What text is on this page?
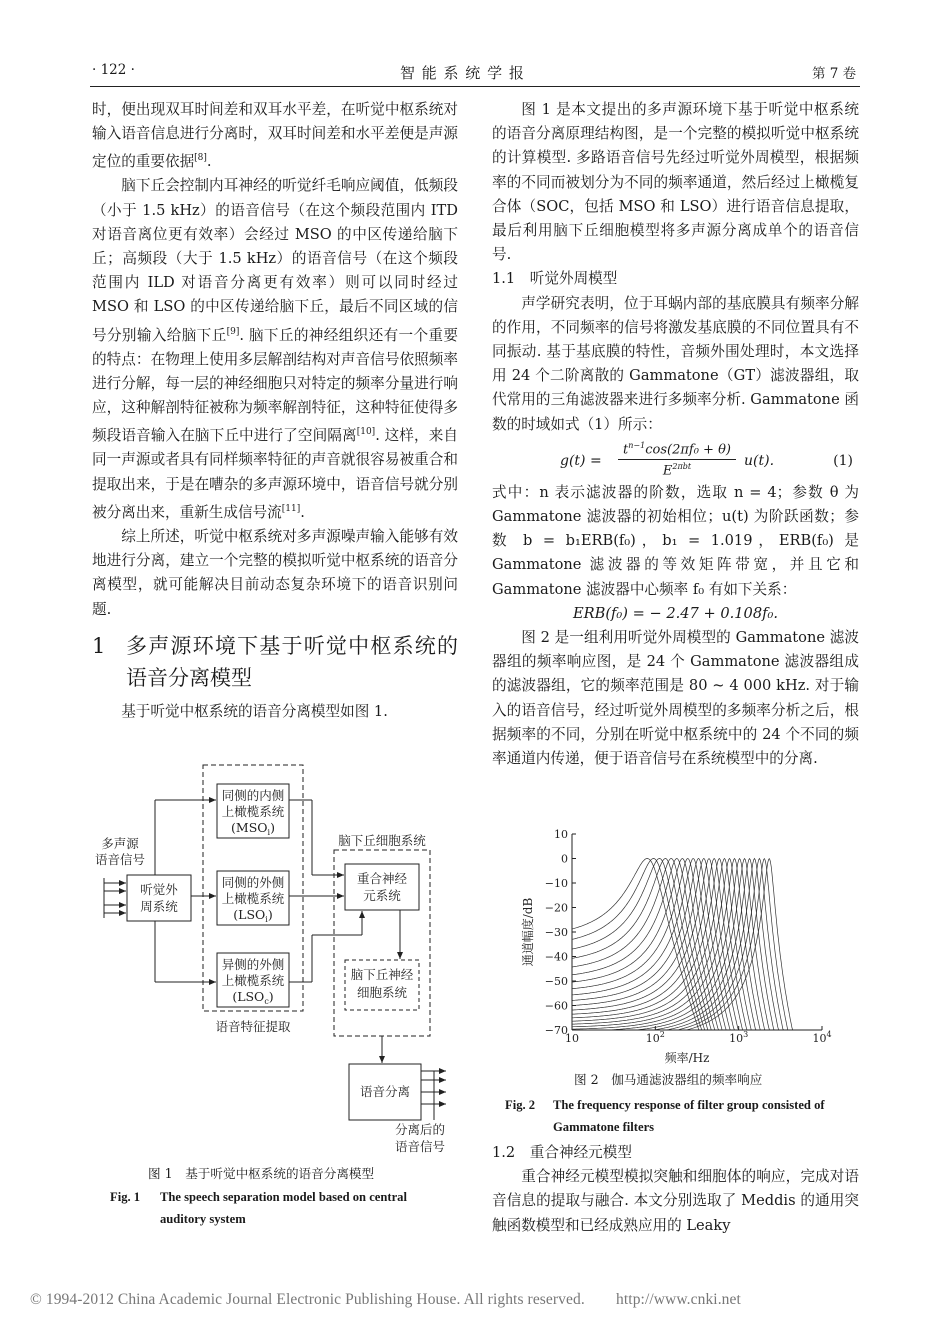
· 122 ·	智 能 系 统 学 报	第 7 卷

时，便出现双耳时间差和双耳水平差，在听觉中枢系统对输入语音信息进行分离时，双耳时间差和水平差便是声源定位的重要依据[8].

脑下丘会控制内耳神经的听觉纤毛响应阈值，低频段（小于 1.5 kHz）的语音信号（在这个频段范围内 ITD 对语音离位更有效率）会经过 MSO 的中区传递给脑下丘；高频段（大于 1.5 kHz）的语音信号（在这个频段范围内 ILD 对语音分离更有效率）则可以同时经过 MSO 和 LSO 的中区传递给脑下丘，最后不同区域的信号分别输入给脑下丘[9]. 脑下丘的神经组织还有一个重要的特点：在物理上使用多层解剖结构对声音信号依照频率进行分解，每一层的神经细胞只对特定的频率分量进行响应，这种解剖特征被称为频率解剖特征，这种特征使得多频段语音输入在脑下丘中进行了空间隔离[10]. 这样，来自同一声源或者具有同样频率特征的声音就很容易被重合和提取出来，于是在嘈杂的多声源环境中，语音信号就分别被分离出来，重新生成信号流[11].

综上所述，听觉中枢系统对多声源噪声输入能够有效地进行分离，建立一个完整的模拟听觉中枢系统的语音分离模型，就可能解决目前动态复杂环境下的语音识别问题.

1 多声源环境下基于听觉中枢系统的语音分离模型

基于听觉中枢系统的语音分离模型如图 1.

听觉外
周系统
多声源
语音信号
同侧的内侧
上橄榄系统
$(MSO_i)$
同侧的外侧
上橄榄系统
$(LSO_i)$
异侧的外侧
上橄榄系统
$(LSO_c)$
脑下丘细胞系统
重合神经
元系统
脑下丘神经
细胞系统
语音特征提取
语音分离
分离后的
语音信号
图 1　基于听觉中枢系统的语音分离模型
Fig. 1	The speech separation model based on central auditory system

图 1 是本文提出的多声源环境下基于听觉中枢系统的语音分离原理结构图，是一个完整的模拟听觉中枢系统的计算模型. 多路语音信号先经过听觉外周模型，根据频率的不同而被划分为不同的频率通道，然后经过上橄榄复合体（SOC，包括 MSO 和 LSO）进行语音信息提取，最后利用脑下丘细胞模型将多声源分离成单个的语音信号.

1.1　听觉外周模型

声学研究表明，位于耳蜗内部的基底膜具有频率分解的作用，不同频率的信号将激发基底膜的不同位置具有不同振动. 基于基底膜的特性，音频外围处理时，本文选择用 24 个二阶离散的 Gammatone（GT）滤波器组，取代常用的三角滤波器来进行多频率分析. Gammatone 函数的时域如式（1）所示：

g(t) =
$t^{n-1}\cos(2\pi f_0 + \theta)$
$E^{2\pi bt}$	u(t).	(1)

式中：n 表示滤波器的阶数，选取 n = 4；参数 θ 为 Gammatone 滤波器的初始相位；u(t) 为阶跃函数；参数 b = b₁ERB(f₀)，b₁ = 1.019，ERB(f₀) 是 Gammatone 滤波器的等效矩阵带宽，并且它和 Gammatone 滤波器中心频率 f₀ 有如下关系：

ERB(f₀) = − 2.47 + 0.108f₀.

图 2 是一组利用听觉外周模型的 Gammatone 滤波器组的频率响应图，是 24 个 Gammatone 滤波器组成的滤波器组，它的频率范围是 80 ~ 4 000 kHz. 对于输入的语音信号，经过听觉外周模型的多频率分析之后，根据频率的不同，分别在听觉中枢系统中的 24 个不同的频率通道内传递，便于语音信号在系统模型中的分离.

10
0
−10
−20
−30
−40
−50
−60
−70
10	$10^2$	$10^3$	$10^4$
通道幅度/dB
频率/Hz
图 2　伽马通滤波器组的频率响应
Fig. 2	The frequency response of filter group consisted of Gammatone filters

1.2　重合神经元模型

重合神经元模型模拟突触和细胞体的响应，完成对语音信息的提取与融合. 本文分别选取了 Meddis 的通用突触函数模型和已经成熟应用的 Leaky

© 1994-2012 China Academic Journal Electronic Publishing House. All rights reserved.　　http://www.cnki.net
